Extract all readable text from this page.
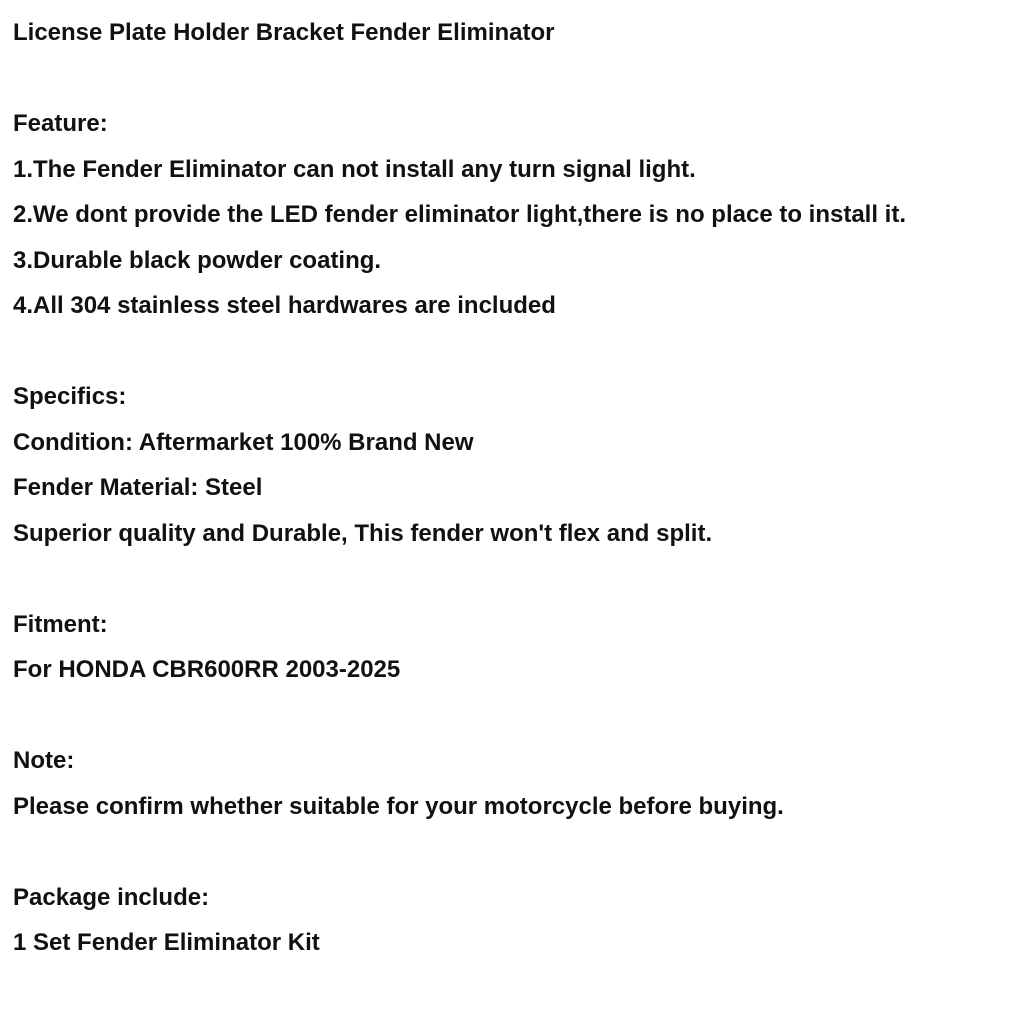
License Plate Holder Bracket Fender Eliminator
Feature:
1.The Fender Eliminator can not install any turn signal light.
2.We dont provide the LED fender eliminator light,there is no place to install it.
3.Durable black powder coating.
4.All 304 stainless steel hardwares are included
Specifics:
Condition: Aftermarket 100% Brand New
Fender Material: Steel
Superior quality and Durable, This fender won't flex and split.
Fitment:
For HONDA CBR600RR 2003-2025
Note:
Please confirm whether suitable for your motorcycle before buying.
Package include:
1 Set Fender Eliminator Kit
